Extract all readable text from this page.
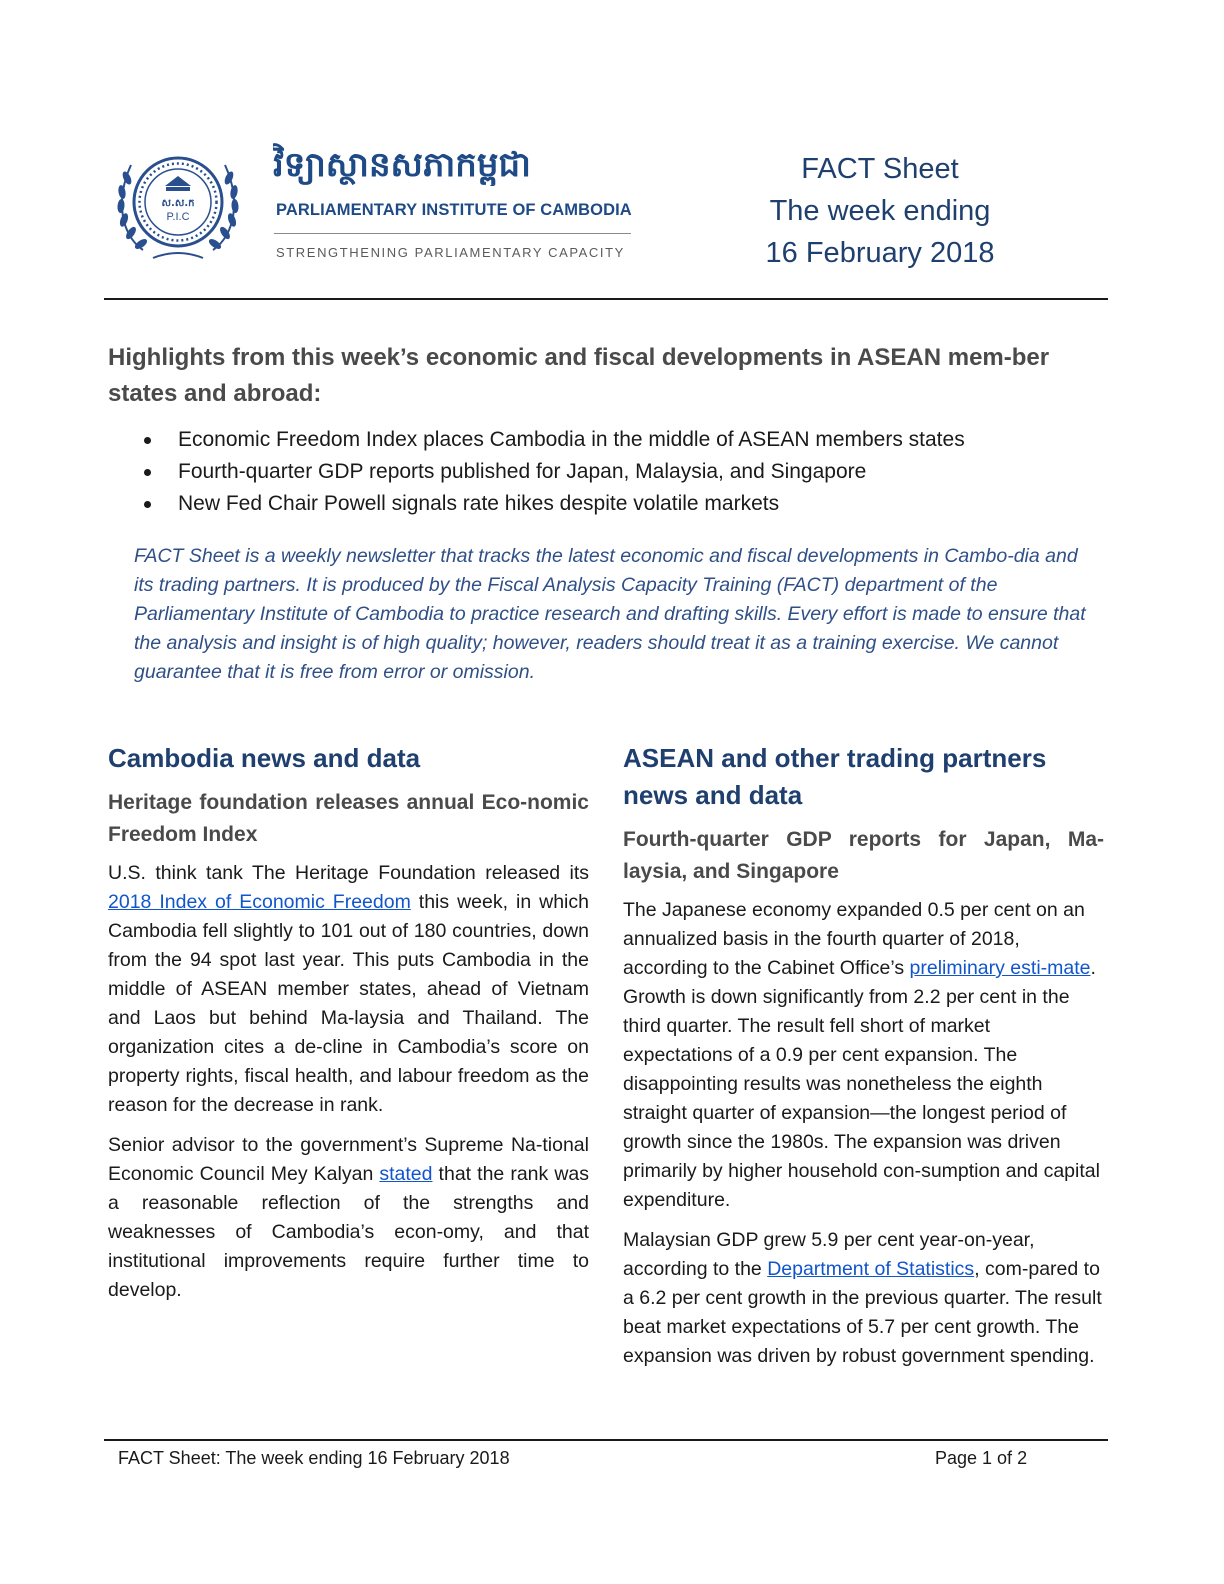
ស.ស.ក
P.I.C
វិទ្យាស្ថានសភាកម្ពុជា
PARLIAMENTARY INSTITUTE OF CAMBODIA
STRENGTHENING PARLIAMENTARY CAPACITY
FACT Sheet
The week ending
16 February 2018
Highlights from this week’s economic and fiscal developments in ASEAN mem-ber states and abroad:
Economic Freedom Index places Cambodia in the middle of ASEAN members states
Fourth-quarter GDP reports published for Japan, Malaysia, and Singapore
New Fed Chair Powell signals rate hikes despite volatile markets
FACT Sheet is a weekly newsletter that tracks the latest economic and fiscal developments in Cambo-dia and its trading partners. It is produced by the Fiscal Analysis Capacity Training (FACT) department of the Parliamentary Institute of Cambodia to practice research and drafting skills. Every effort is made to ensure that the analysis and insight is of high quality; however, readers should treat it as a training exercise. We cannot guarantee that it is free from error or omission.
Cambodia news and data
Heritage foundation releases annual Eco-nomic Freedom Index

U.S. think tank The Heritage Foundation released its 2018 Index of Economic Freedom this week, in which Cambodia fell slightly to 101 out of 180 countries, down from the 94 spot last year. This puts Cambodia in the middle of ASEAN member states, ahead of Vietnam and Laos but behind Ma-laysia and Thailand. The organization cites a de-cline in Cambodia’s score on property rights, fiscal health, and labour freedom as the reason for the decrease in rank.

Senior advisor to the government’s Supreme Na-tional Economic Council Mey Kalyan stated that the rank was a reasonable reflection of the strengths and weaknesses of Cambodia’s econ-omy, and that institutional improvements require further time to develop.

ASEAN and other trading partners news and data
Fourth-quarter GDP reports for Japan, Ma-laysia, and Singapore

The Japanese economy expanded 0.5 per cent on an annualized basis in the fourth quarter of 2018, according to the Cabinet Office’s preliminary esti-mate. Growth is down significantly from 2.2 per cent in the third quarter. The result fell short of market expectations of a 0.9 per cent expansion. The disappointing results was nonetheless the eighth straight quarter of expansion—the longest period of growth since the 1980s. The expansion was driven primarily by higher household con-sumption and capital expenditure.

Malaysian GDP grew 5.9 per cent year-on-year, according to the Department of Statistics, com-pared to a 6.2 per cent growth in the previous quarter. The result beat market expectations of 5.7 per cent growth. The expansion was driven by robust government spending.

FACT Sheet: The week ending 16 February 2018	Page 1 of 2
